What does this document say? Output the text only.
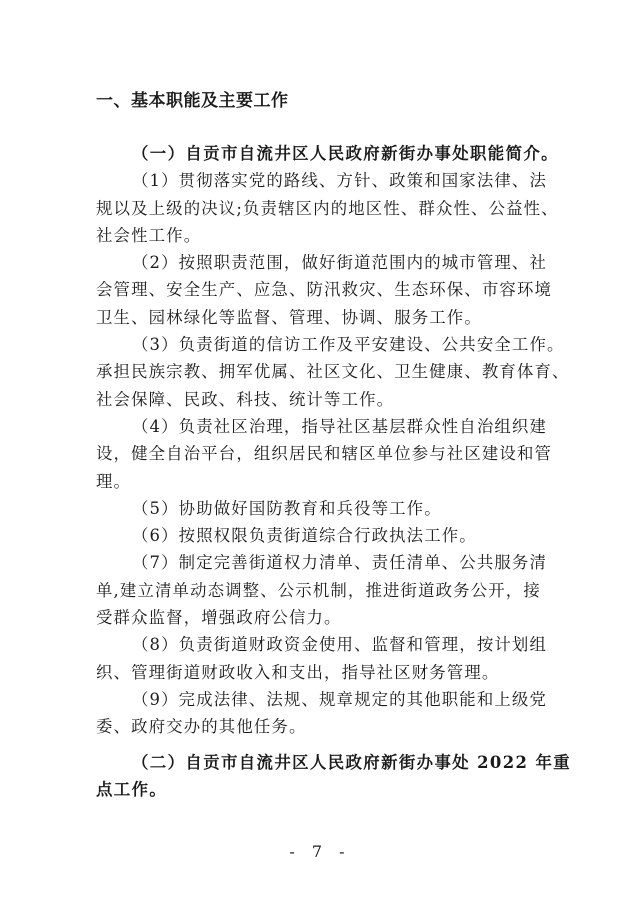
一、基本职能及主要工作
（一）自贡市自流井区人民政府新街办事处职能简介。
（1）贯彻落实党的路线、方针、政策和国家法律、法
规以及上级的决议;负责辖区内的地区性、群众性、公益性、
社会性工作。
（2）按照职责范围，做好街道范围内的城市管理、社
会管理、安全生产、应急、防汛救灾、生态环保、市容环境
卫生、园林绿化等监督、管理、协调、服务工作。
（3）负责街道的信访工作及平安建设、公共安全工作。
承担民族宗教、拥军优属、社区文化、卫生健康、教育体育、
社会保障、民政、科技、统计等工作。
（4）负责社区治理，指导社区基层群众性自治组织建
设，健全自治平台，组织居民和辖区单位参与社区建设和管
理。
（5）协助做好国防教育和兵役等工作。
（6）按照权限负责街道综合行政执法工作。
（7）制定完善街道权力清单、责任清单、公共服务清
单,建立清单动态调整、公示机制，推进街道政务公开，接
受群众监督，增强政府公信力。
（8）负责街道财政资金使用、监督和管理，按计划组
织、管理街道财政收入和支出，指导社区财务管理。
（9）完成法律、法规、规章规定的其他职能和上级党
委、政府交办的其他任务。
（二）自贡市自流井区人民政府新街办事处 2022 年重
点工作。
- 7 -
